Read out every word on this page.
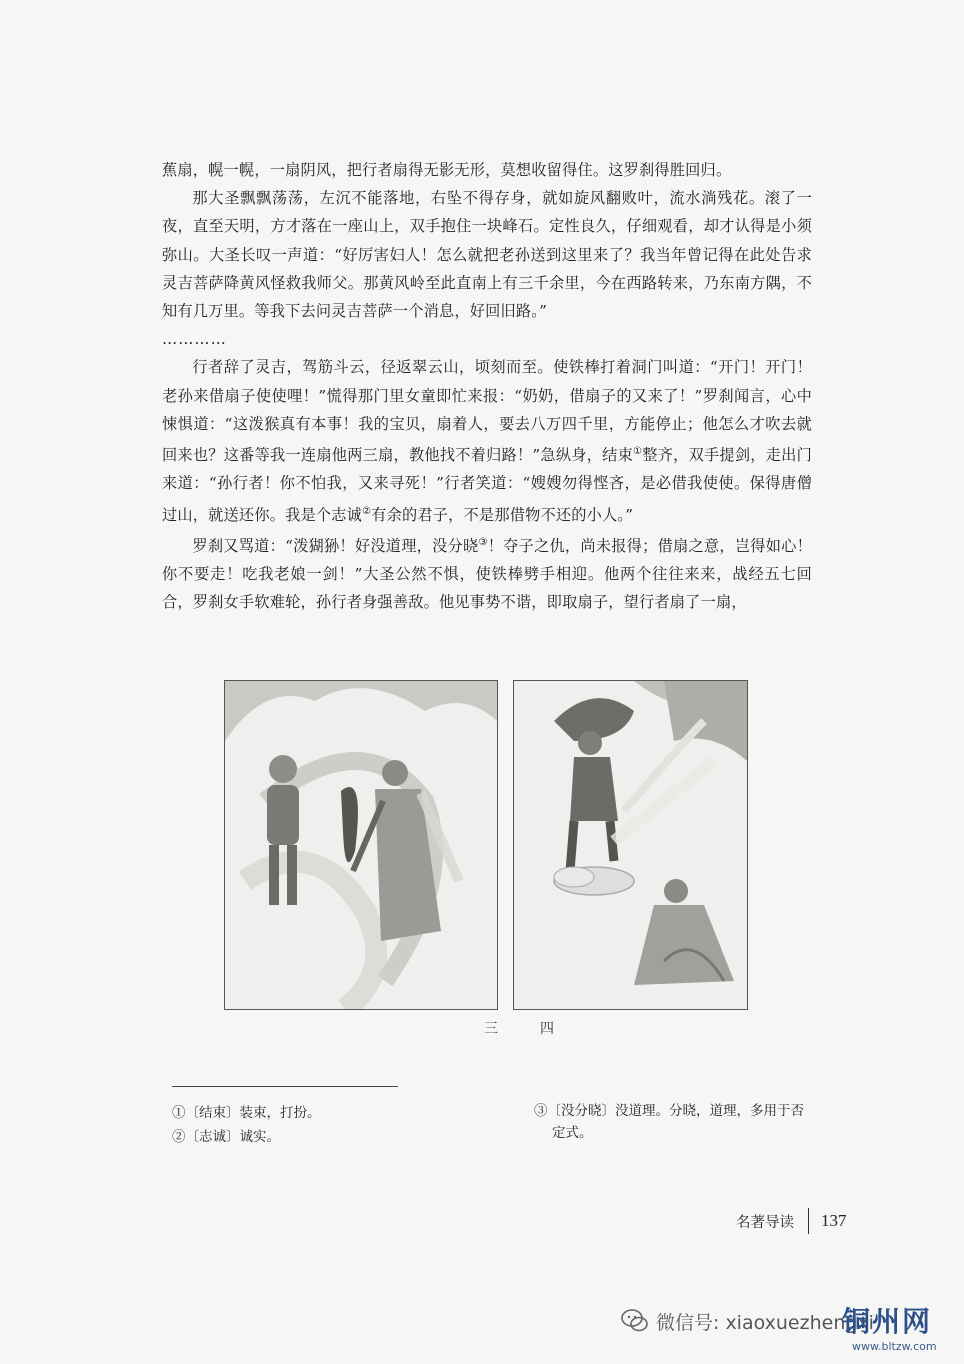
蕉扇，幌一幌，一扇阴风，把行者扇得无影无形，莫想收留得住。这罗刹得胜回归。

那大圣飘飘荡荡，左沉不能落地，右坠不得存身，就如旋风翻败叶，流水淌残花。滚了一夜，直至天明，方才落在一座山上，双手抱住一块峰石。定性良久，仔细观看，却才认得是小须弥山。大圣长叹一声道：“好厉害妇人！怎么就把老孙送到这里来了？我当年曾记得在此处告求灵吉菩萨降黄风怪救我师父。那黄风岭至此直南上有三千余里，今在西路转来，乃东南方隅，不知有几万里。等我下去问灵吉菩萨一个消息，好回旧路。”

…………

行者辞了灵吉，驾筋斗云，径返翠云山，顷刻而至。使铁棒打着洞门叫道：“开门！开门！老孙来借扇子使使哩！”慌得那门里女童即忙来报：“奶奶，借扇子的又来了！”罗刹闻言，心中悚惧道：“这泼猴真有本事！我的宝贝，扇着人，要去八万四千里，方能停止；他怎么才吹去就回来也？这番等我一连扇他两三扇，教他找不着归路！”急纵身，结束①整齐，双手提剑，走出门来道：“孙行者！你不怕我，又来寻死！”行者笑道：“嫂嫂勿得悭吝，是必借我使使。保得唐僧过山，就送还你。我是个志诚②有余的君子，不是那借物不还的小人。”

罗刹又骂道：“泼猢狲！好没道理，没分晓③！夺子之仇，尚未报得；借扇之意，岂得如心！你不要走！吃我老娘一剑！”大圣公然不惧，使铁棒劈手相迎。他两个往往来来，战经五七回合，罗刹女手软难轮，孙行者身强善敌。他见事势不谐，即取扇子，望行者扇了一扇，

三	四
①〔结束〕装束，打扮。
②〔志诚〕诚实。
③〔没分晓〕没道理。分晓，道理，多用于否
定式。
名著导读 137
微信号: xiaoxuezhengxi
铜州网
www.bltzw.com
